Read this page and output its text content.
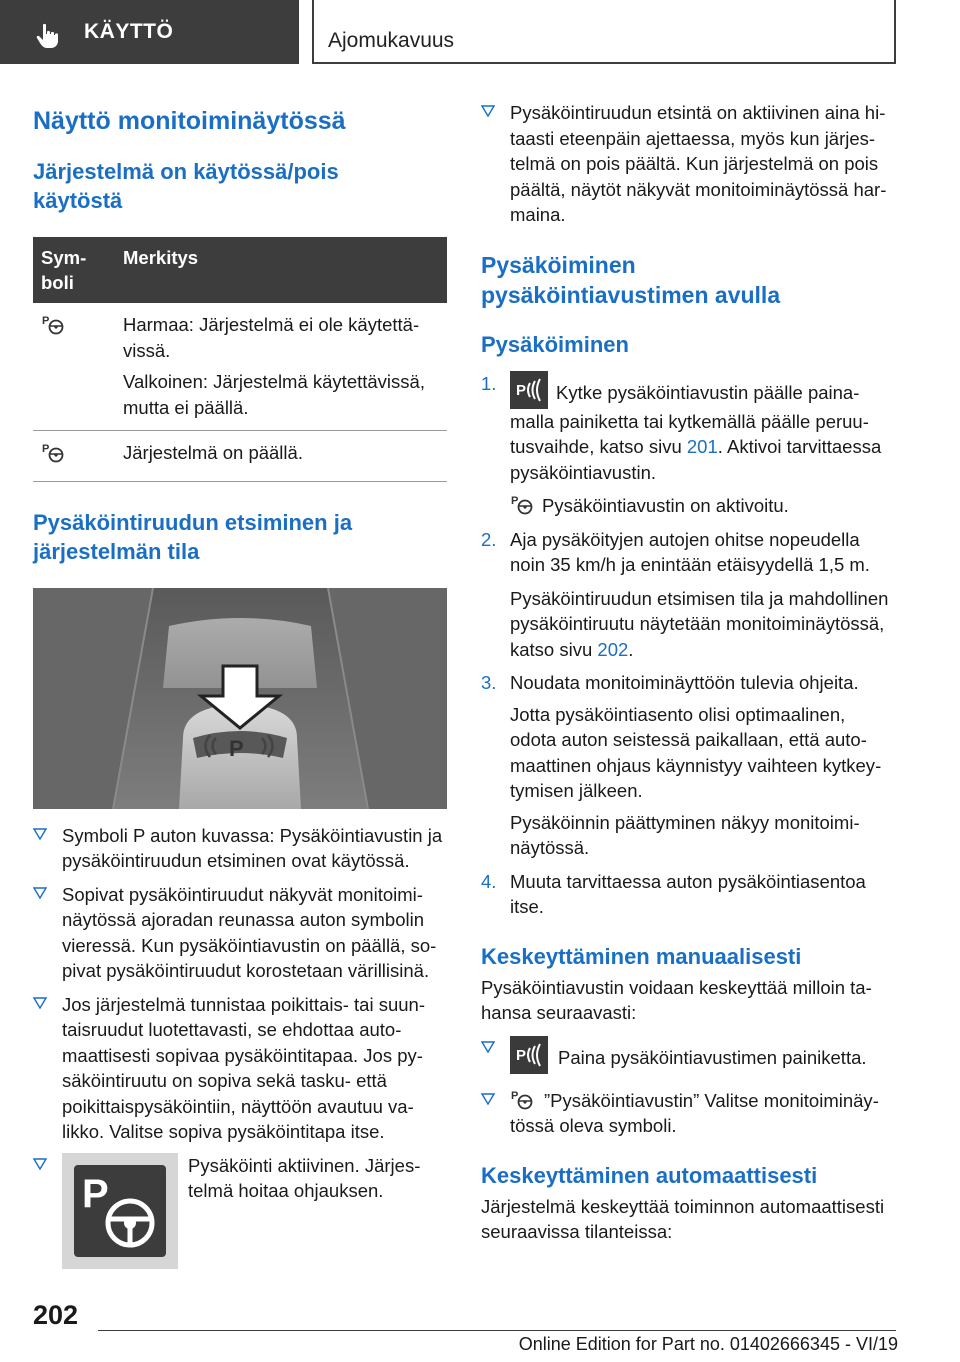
KÄYTTÖ	Ajomukavuus
Näyttö monitoiminäytössä
Järjestelmä on käytössä/pois käytöstä
Symboli	Merkitys

P	Harmaa: Järjestelmä ei ole käytettävissä.
Valkoinen: Järjestelmä käytettävissä, mutta ei päällä.

P	Järjestelmä on päällä.
Pysäköintiruudun etsiminen ja järjestelmän tila
P
Symboli P auton kuvassa: Pysäköintiavustin ja pysäköintiruudun etsiminen ovat käytössä.
Sopivat pysäköintiruudut näkyvät monitoiminäytössä ajoradan reunassa auton symbolin vieressä. Kun pysäköintiavustin on päällä, sopivat pysäköintiruudut korostetaan värillisinä.
Jos järjestelmä tunnistaa poikittais- tai suuntaisruudut luotettavasti, se ehdottaa automaattisesti sopivaa pysäköintitapaa. Jos pysäköintiruutu on sopiva sekä tasku- että poikittaispysäköintiin, näyttöön avautuu valikko. Valitse sopiva pysäköintitapa itse.
P
Pysäköinti aktiivinen. Järjestelmä hoitaa ohjauksen.
Pysäköintiruudun etsintä on aktiivinen aina hitaasti eteenpäin ajettaessa, myös kun järjestelmä on pois päältä. Kun järjestelmä on pois päältä, näytöt näkyvät monitoiminäytössä harmaina.
Pysäköiminen pysäköintiavustimen avulla
Pysäköiminen
1. P Kytke pysäköintiavustin päälle painamalla painiketta tai kytkemällä päälle peruutusvaihde, katso sivu 201. Aktivoi tarvittaessa pysäköintiavustin.
P Pysäköintiavustin on aktivoitu.
2. Aja pysäköityjen autojen ohitse nopeudella noin 35 km/h ja enintään etäisyydellä 1,5 m.
Pysäköintiruudun etsimisen tila ja mahdollinen pysäköintiruutu näytetään monitoiminäytössä, katso sivu 202.
3. Noudata monitoiminäyttöön tulevia ohjeita.
Jotta pysäköintiasento olisi optimaalinen, odota auton seistessä paikallaan, että automaattinen ohjaus käynnistyy vaihteen kytkeytymisen jälkeen.
Pysäköinnin päättyminen näkyy monitoiminäytössä.
4. Muuta tarvittaessa auton pysäköintiasentoa itse.
Keskeyttäminen manuaalisesti
Pysäköintiavustin voidaan keskeyttää milloin tahansa seuraavasti:
P Paina pysäköintiavustimen painiketta.
P ”Pysäköintiavustin” Valitse monitoiminäytössä oleva symboli.
Keskeyttäminen automaattisesti
Järjestelmä keskeyttää toiminnon automaattisesti seuraavissa tilanteissa:
202
Online Edition for Part no. 01402666345 - VI/19
